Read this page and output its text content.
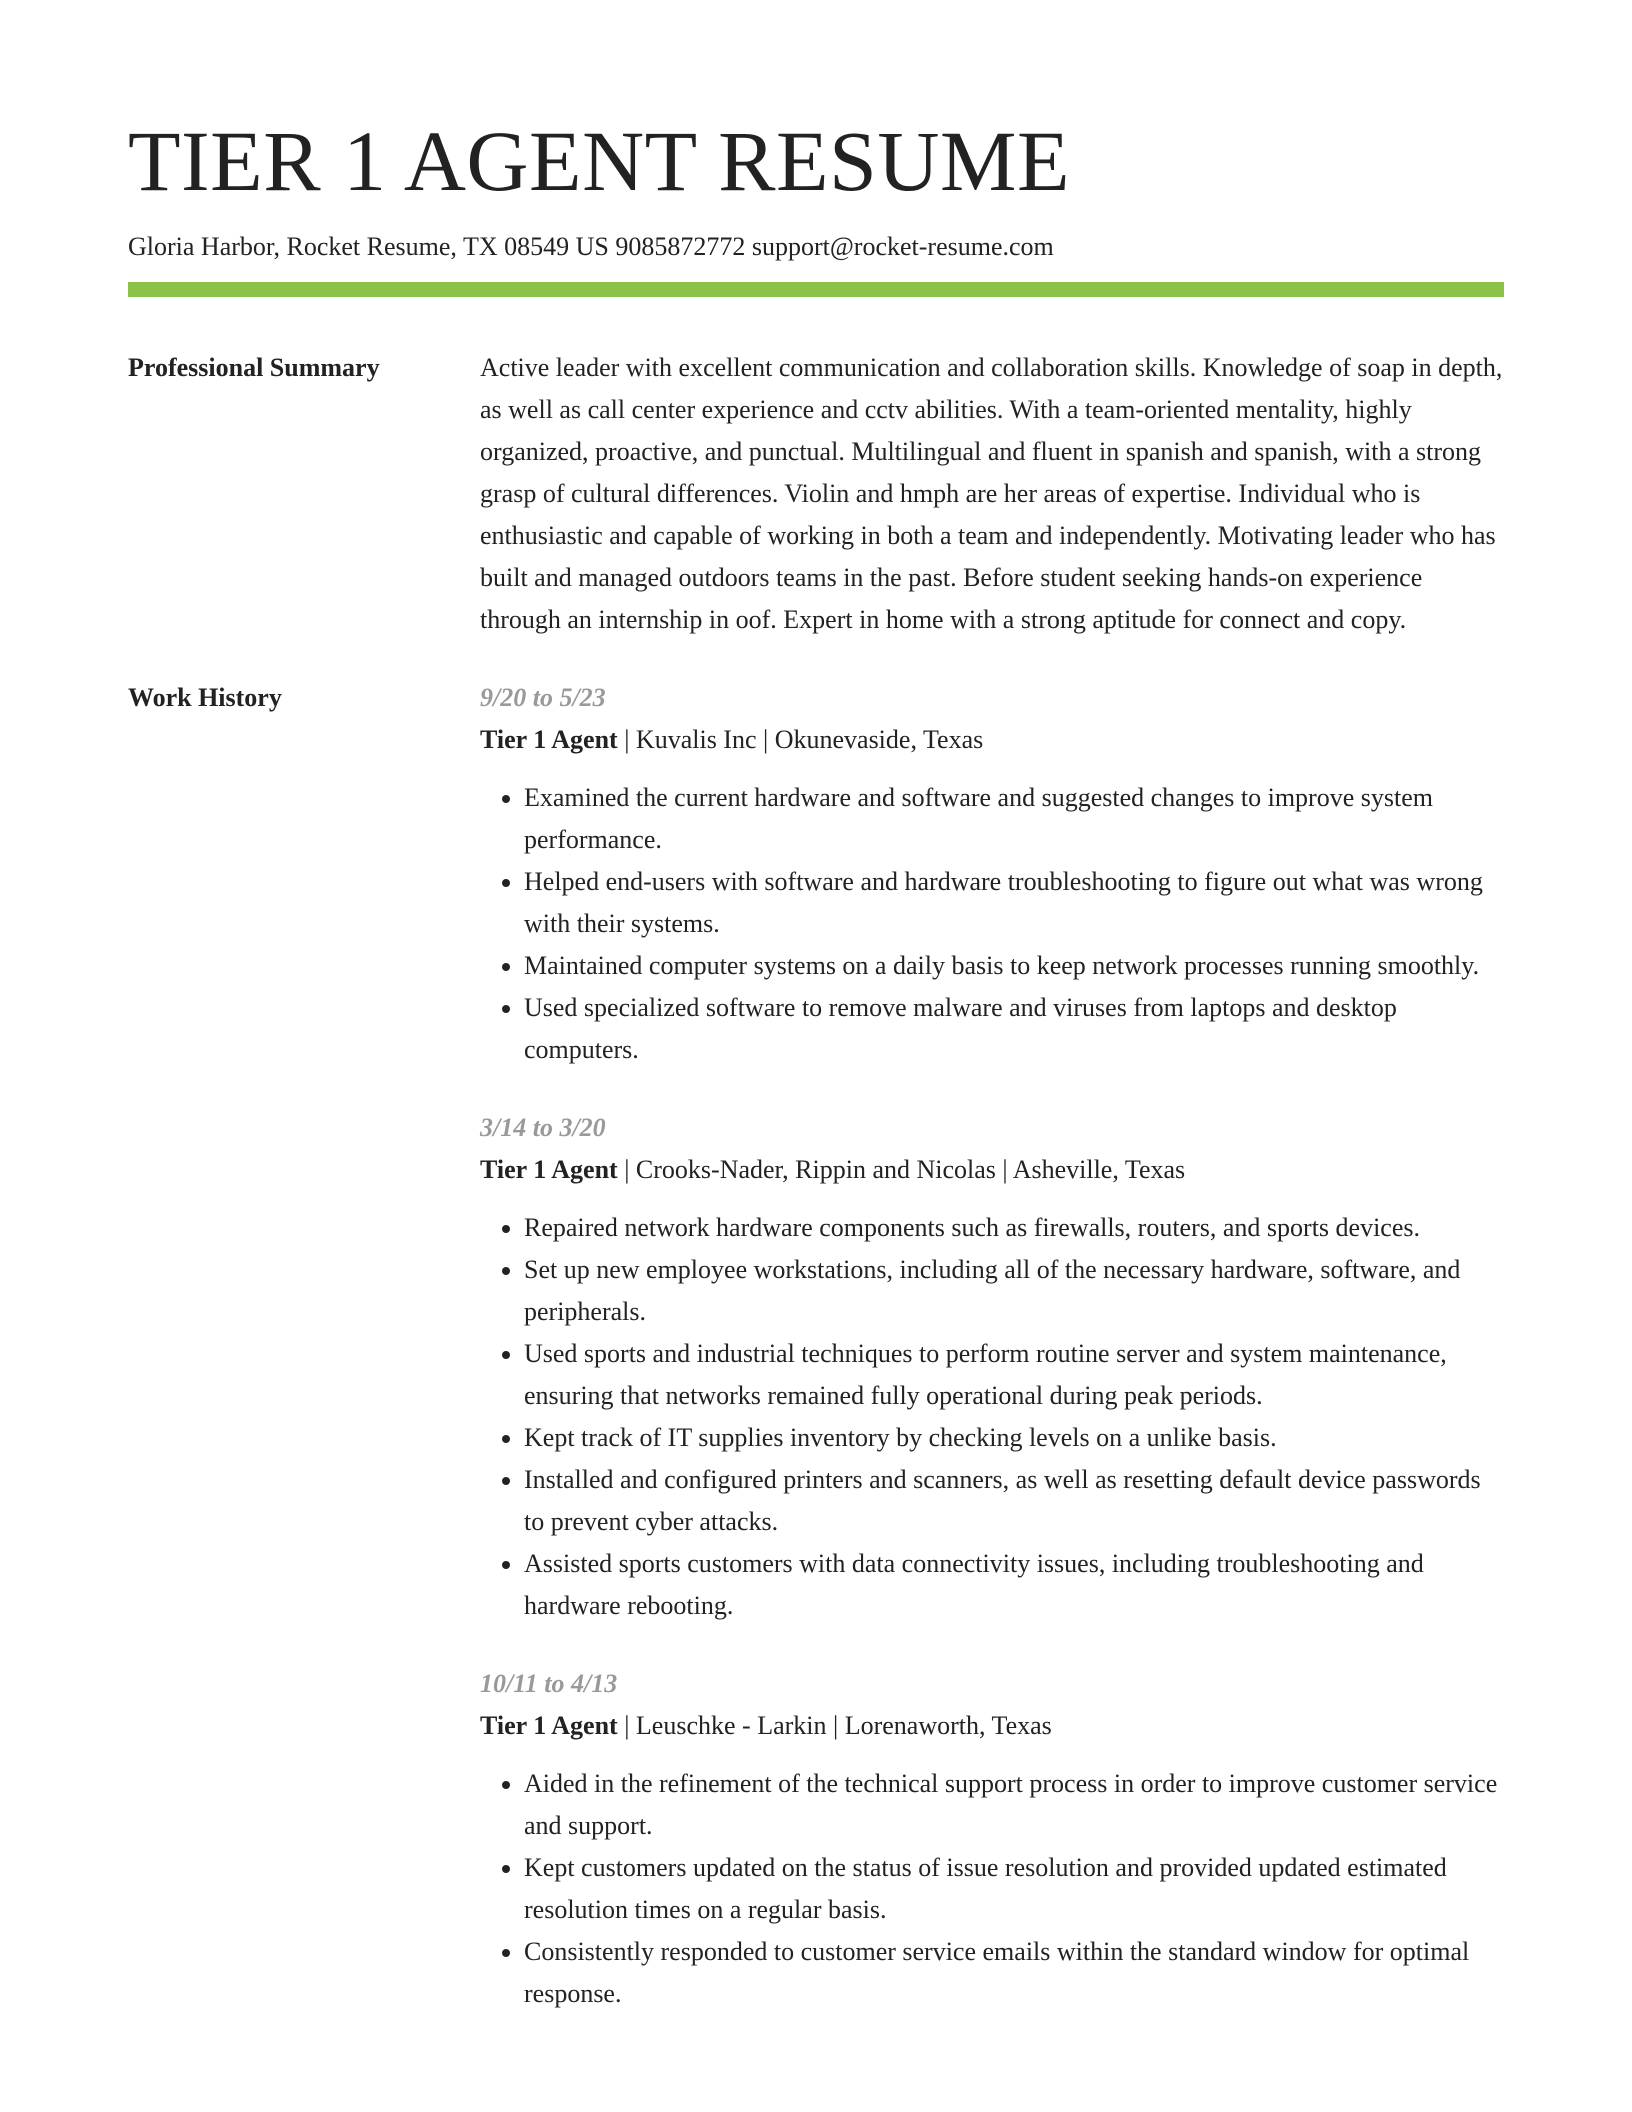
TIER 1 AGENT RESUME
Gloria Harbor, Rocket Resume, TX 08549 US 9085872772 support@rocket-resume.com
Professional Summary	Active leader with excellent communication and collaboration skills. Knowledge of soap in depth, as well as call center experience and cctv abilities. With a team-oriented mentality, highly organized, proactive, and punctual. Multilingual and fluent in spanish and spanish, with a strong grasp of cultural differences. Violin and hmph are her areas of expertise. Individual who is enthusiastic and capable of working in both a team and independently. Motivating leader who has built and managed outdoors teams in the past. Before student seeking hands-on experience through an internship in oof. Expert in home with a strong aptitude for connect and copy.

Work History	9/20 to 5/23
Tier 1 Agent | Kuvalis Inc | Okunevaside, Texas
• Examined the current hardware and software and suggested changes to improve system performance.
• Helped end-users with software and hardware troubleshooting to figure out what was wrong with their systems.
• Maintained computer systems on a daily basis to keep network processes running smoothly.
• Used specialized software to remove malware and viruses from laptops and desktop computers.
3/14 to 3/20
Tier 1 Agent | Crooks-Nader, Rippin and Nicolas | Asheville, Texas
• Repaired network hardware components such as firewalls, routers, and sports devices.
• Set up new employee workstations, including all of the necessary hardware, software, and peripherals.
• Used sports and industrial techniques to perform routine server and system maintenance, ensuring that networks remained fully operational during peak periods.
• Kept track of IT supplies inventory by checking levels on a unlike basis.
• Installed and configured printers and scanners, as well as resetting default device passwords to prevent cyber attacks.
• Assisted sports customers with data connectivity issues, including troubleshooting and hardware rebooting.
10/11 to 4/13
Tier 1 Agent | Leuschke - Larkin | Lorenaworth, Texas
• Aided in the refinement of the technical support process in order to improve customer service and support.
• Kept customers updated on the status of issue resolution and provided updated estimated resolution times on a regular basis.
• Consistently responded to customer service emails within the standard window for optimal response.
